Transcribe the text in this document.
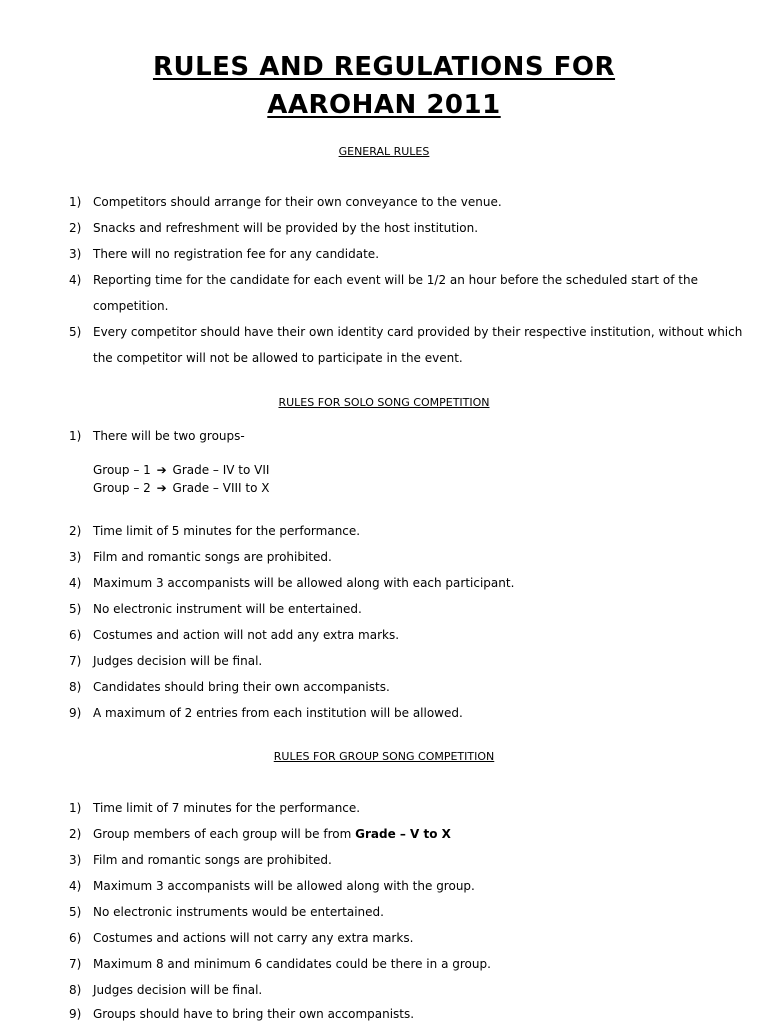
RULES AND REGULATIONS FOR
AAROHAN 2011
GENERAL RULES
1) Competitors should arrange for their own conveyance to the venue.
2) Snacks and refreshment will be provided by the host institution.
3) There will no registration fee for any candidate.
4) Reporting time for the candidate for each event will be 1/2 an hour before the scheduled start of the
competition.
5) Every competitor should have their own identity card provided by their respective institution, without which
the competitor will not be allowed to participate in the event.
RULES FOR SOLO SONG COMPETITION
1) There will be two groups-
Group – 1 ➔ Grade – IV to VII
Group – 2 ➔ Grade – VIII to X
2) Time limit of 5 minutes for the performance.
3) Film and romantic songs are prohibited.
4) Maximum 3 accompanists will be allowed along with each participant.
5) No electronic instrument will be entertained.
6) Costumes and action will not add any extra marks.
7) Judges decision will be final.
8) Candidates should bring their own accompanists.
9) A maximum of 2 entries from each institution will be allowed.
RULES FOR GROUP SONG COMPETITION
1) Time limit of 7 minutes for the performance.
2) Group members of each group will be from Grade – V to X
3) Film and romantic songs are prohibited.
4) Maximum 3 accompanists will be allowed along with the group.
5) No electronic instruments would be entertained.
6) Costumes and actions will not carry any extra marks.
7) Maximum 8 and minimum 6 candidates could be there in a group.
8) Judges decision will be final.
9) Groups should have to bring their own accompanists.
